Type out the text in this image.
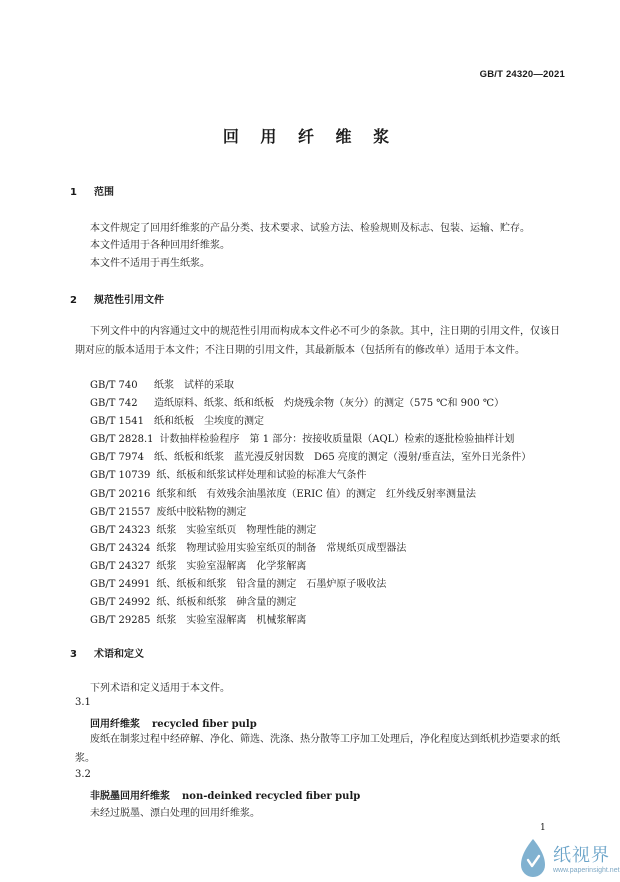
GB/T 24320—2021
回 用 纤 维 浆
1 范围
本文件规定了回用纤维浆的产品分类、技术要求、试验方法、检验规则及标志、包装、运输、贮存。
本文件适用于各种回用纤维浆。
本文件不适用于再生纸浆。
2 规范性引用文件
下列文件中的内容通过文中的规范性引用而构成本文件必不可少的条款。其中，注日期的引用文件，仅该日期对应的版本适用于本文件；不注日期的引用文件，其最新版本（包括所有的修改单）适用于本文件。
GB/T 740 纸浆　试样的采取
GB/T 742 造纸原料、纸浆、纸和纸板　灼烧残余物（灰分）的测定（575 ℃和 900 ℃）
GB/T 1541 纸和纸板　尘埃度的测定
GB/T 2828.1 计数抽样检验程序　第 1 部分：按接收质量限（AQL）检索的逐批检验抽样计划
GB/T 7974 纸、纸板和纸浆　蓝光漫反射因数　D65 亮度的测定（漫射/垂直法，室外日光条件）
GB/T 10739 纸、纸板和纸浆试样处理和试验的标准大气条件
GB/T 20216 纸浆和纸　有效残余油墨浓度（ERIC 值）的测定　红外线反射率测量法
GB/T 21557 废纸中胶粘物的测定
GB/T 24323 纸浆　实验室纸页　物理性能的测定
GB/T 24324 纸浆　物理试验用实验室纸页的制备　常规纸页成型器法
GB/T 24327 纸浆　实验室湿解离　化学浆解离
GB/T 24991 纸、纸板和纸浆　铅含量的测定　石墨炉原子吸收法
GB/T 24992 纸、纸板和纸浆　砷含量的测定
GB/T 29285 纸浆　实验室湿解离　机械浆解离
3 术语和定义
下列术语和定义适用于本文件。
3.1
回用纤维浆 recycled fiber pulp
废纸在制浆过程中经碎解、净化、筛选、洗涤、热分散等工序加工处理后，净化程度达到纸机抄造要求的纸浆。
3.2
非脱墨回用纤维浆 non-deinked recycled fiber pulp
未经过脱墨、漂白处理的回用纤维浆。
1
纸视界
www.paperinsight.net
